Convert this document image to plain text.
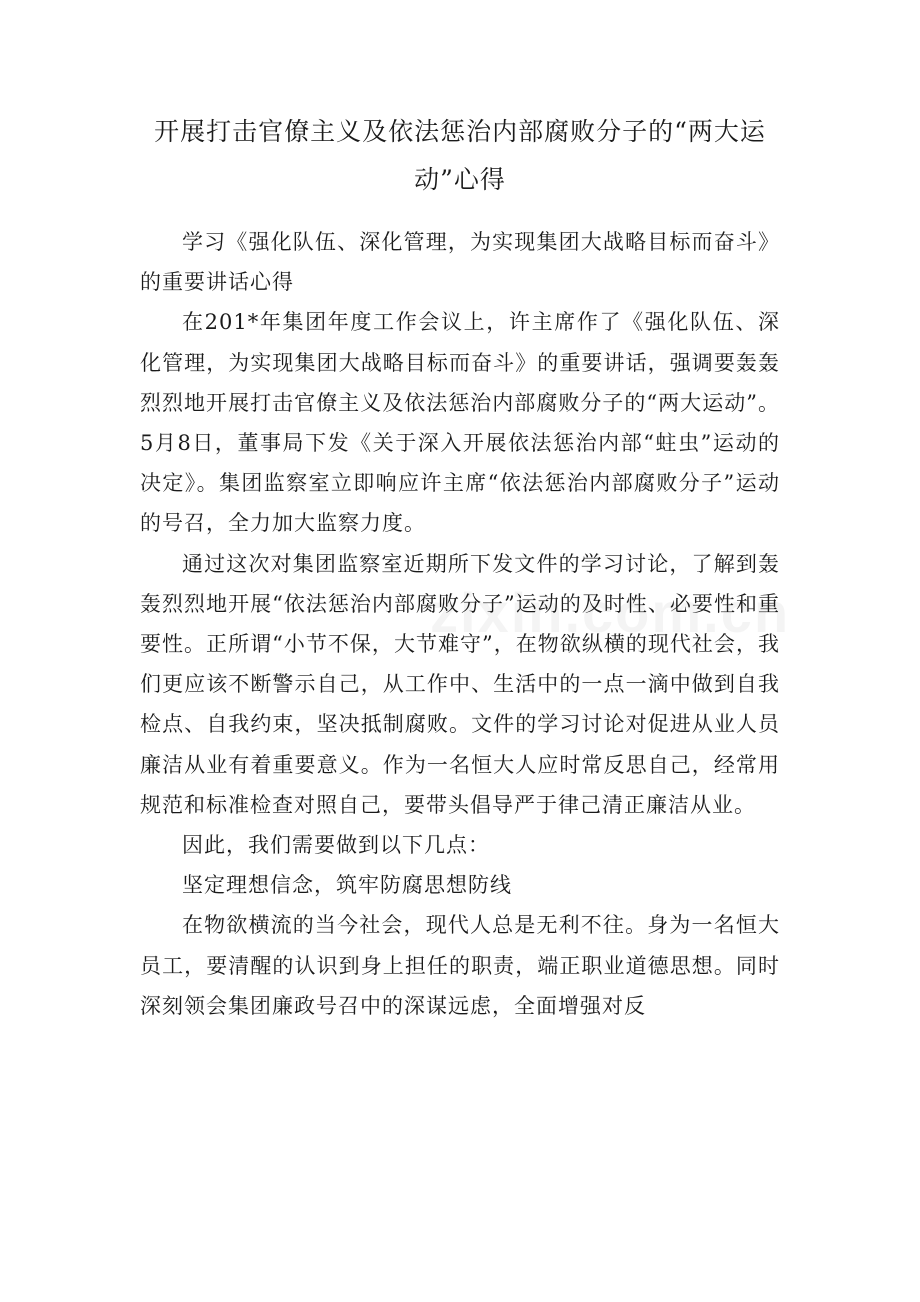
开展打击官僚主义及依法惩治内部腐败分子的“两大运动”心得

学习《强化队伍、深化管理，为实现集团大战略目标而奋斗》的重要讲话心得

在201*年集团年度工作会议上，许主席作了《强化队伍、深化管理，为实现集团大战略目标而奋斗》的重要讲话，强调要轰轰烈烈地开展打击官僚主义及依法惩治内部腐败分子的“两大运动”。5月8日，董事局下发《关于深入开展依法惩治内部“蛀虫”运动的决定》。集团监察室立即响应许主席“依法惩治内部腐败分子”运动的号召，全力加大监察力度。

通过这次对集团监察室近期所下发文件的学习讨论，了解到轰轰烈烈地开展“依法惩治内部腐败分子”运动的及时性、必要性和重要性。正所谓“小节不保，大节难守”，在物欲纵横的现代社会，我们更应该不断警示自己，从工作中、生活中的一点一滴中做到自我检点、自我约束，坚决抵制腐败。文件的学习讨论对促进从业人员廉洁从业有着重要意义。作为一名恒大人应时常反思自己，经常用规范和标准检查对照自己，要带头倡导严于律己清正廉洁从业。

因此，我们需要做到以下几点：

坚定理想信念，筑牢防腐思想防线

在物欲横流的当今社会，现代人总是无利不往。身为一名恒大员工，要清醒的认识到身上担任的职责，端正职业道德思想。同时深刻领会集团廉政号召中的深谋远虑，全面增强对反
